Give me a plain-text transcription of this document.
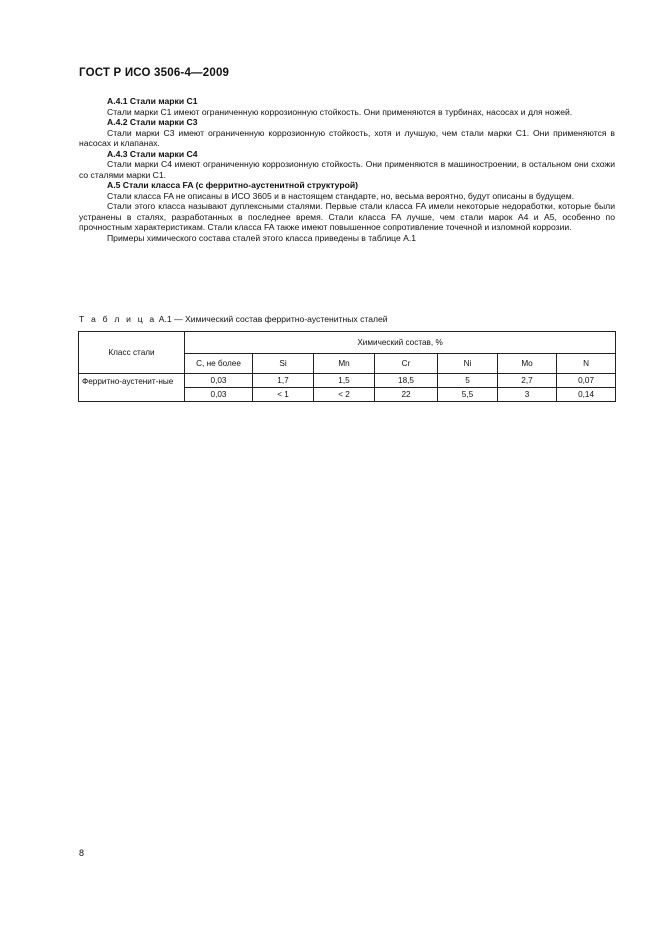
ГОСТ Р ИСО 3506-4—2009

А.4.1 Стали марки C1

Стали марки C1 имеют ограниченную коррозионную стойкость. Они применяются в турбинах, насосах и для ножей.

А.4.2 Стали марки С3

Стали марки С3 имеют ограниченную коррозионную стойкость, хотя и лучшую, чем стали марки С1. Они применяются в насосах и клапанах.

А.4.3 Стали марки С4

Стали марки С4 имеют ограниченную коррозионную стойкость. Они применяются в машиностроении, в остальном они схожи со сталями марки С1.

А.5 Стали класса FA (с ферритно-аустенитной структурой)

Стали класса FA не описаны в ИСО 3605 и в настоящем стандарте, но, весьма вероятно, будут описаны в будущем.

Стали этого класса называют дуплексными сталями. Первые стали класса FA имели некоторые недоработки, которые были устранены в сталях, разработанных в последнее время. Стали класса FA лучше, чем стали марок A4 и A5, особенно по прочностным характеристикам. Стали класса FA также имеют повышенное сопротивление точечной и изломной коррозии.

Примеры химического состава сталей этого класса приведены в таблице А.1

Т а б л и ц а А.1 — Химический состав ферритно-аустенитных сталей
Класс стали	Химический состав, %						
	С, не более	Si	Mn	Cr	Ni	Mo	N
Ферритно-аустенит-ные	0,03	1,7	1,5	18,5	5	2,7	0,07
	0,03	< 1	< 2	22	5,5	3	0,14
8
